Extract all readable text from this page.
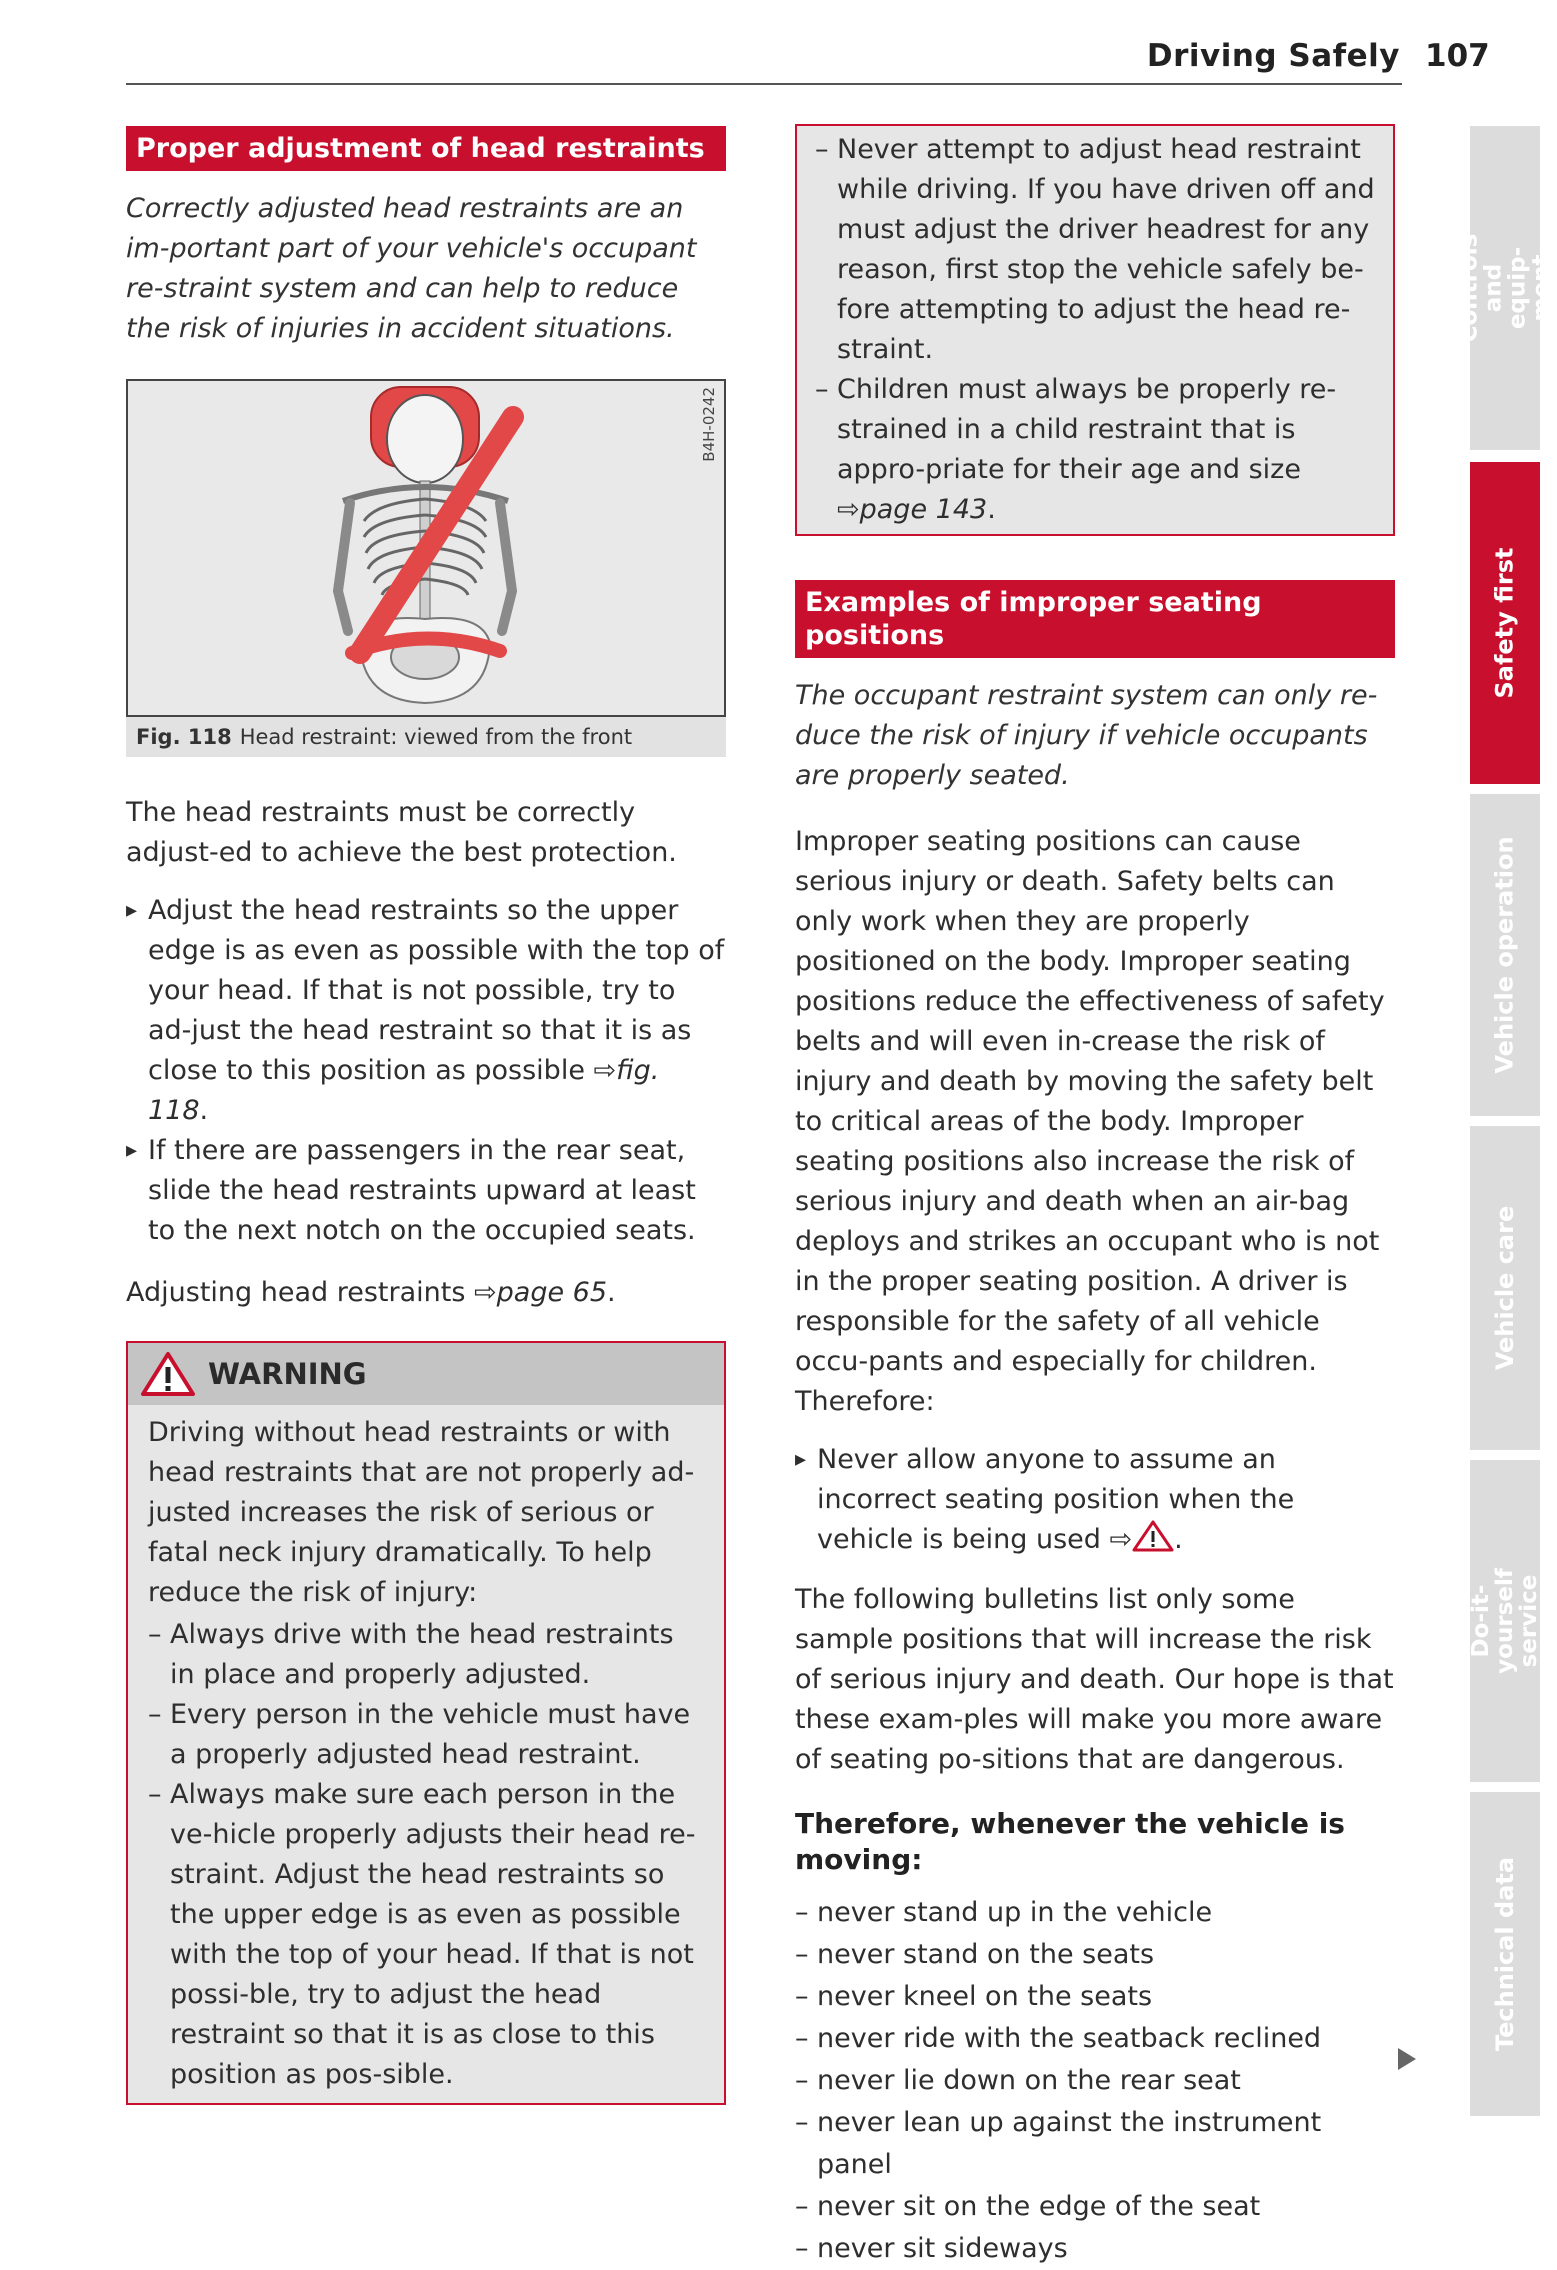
Driving Safely 107
Proper adjustment of head restraints

Correctly adjusted head restraints are an im-portant part of your vehicle's occupant re-straint system and can help to reduce the risk of injuries in accident situations.

B4H-0242
Fig. 118 Head restraint: viewed from the front

The head restraints must be correctly adjust-ed to achieve the best protection.

▸ Adjust the head restraints so the upper edge is as even as possible with the top of your head. If that is not possible, try to ad-just the head restraint so that it is as close to this position as possible ⇨fig. 118.
▸ If there are passengers in the rear seat, slide the head restraints upward at least to the next notch on the occupied seats.

Adjusting head restraints ⇨page 65.

WARNING

Driving without head restraints or with head restraints that are not properly ad-justed increases the risk of serious or fatal neck injury dramatically. To help reduce the risk of injury:

– Always drive with the head restraints in place and properly adjusted.
– Every person in the vehicle must have a properly adjusted head restraint.
– Always make sure each person in the ve-hicle properly adjusts their head re-straint. Adjust the head restraints so the upper edge is as even as possible with the top of your head. If that is not possi-ble, try to adjust the head restraint so that it is as close to this position as pos-sible.
– Never attempt to adjust head restraint while driving. If you have driven off and must adjust the driver headrest for any reason, first stop the vehicle safely be-fore attempting to adjust the head re-straint.
– Children must always be properly re-strained in a child restraint that is appro-priate for their age and size ⇨page 143.
Examples of improper seating positions

The occupant restraint system can only re-duce the risk of injury if vehicle occupants are properly seated.

Improper seating positions can cause serious injury or death. Safety belts can only work when they are properly positioned on the body. Improper seating positions reduce the effectiveness of safety belts and will even in-crease the risk of injury and death by moving the safety belt to critical areas of the body. Improper seating positions also increase the risk of serious injury and death when an air-bag deploys and strikes an occupant who is not in the proper seating position. A driver is responsible for the safety of all vehicle occu-pants and especially for children. Therefore:

▸ Never allow anyone to assume an incorrect seating position when the vehicle is being used ⇨ .

The following bulletins list only some sample positions that will increase the risk of serious injury and death. Our hope is that these exam-ples will make you more aware of seating po-sitions that are dangerous.

Therefore, whenever the vehicle is moving:
– never stand up in the vehicle
– never stand on the seats
– never kneel on the seats
– never ride with the seatback reclined
– never lie down on the rear seat
– never lean up against the instrument panel
– never sit on the edge of the seat
– never sit sideways
Controls and equip-ment
Safety first
Vehicle operation
Vehicle care
Do-it-yourself service
Technical data
